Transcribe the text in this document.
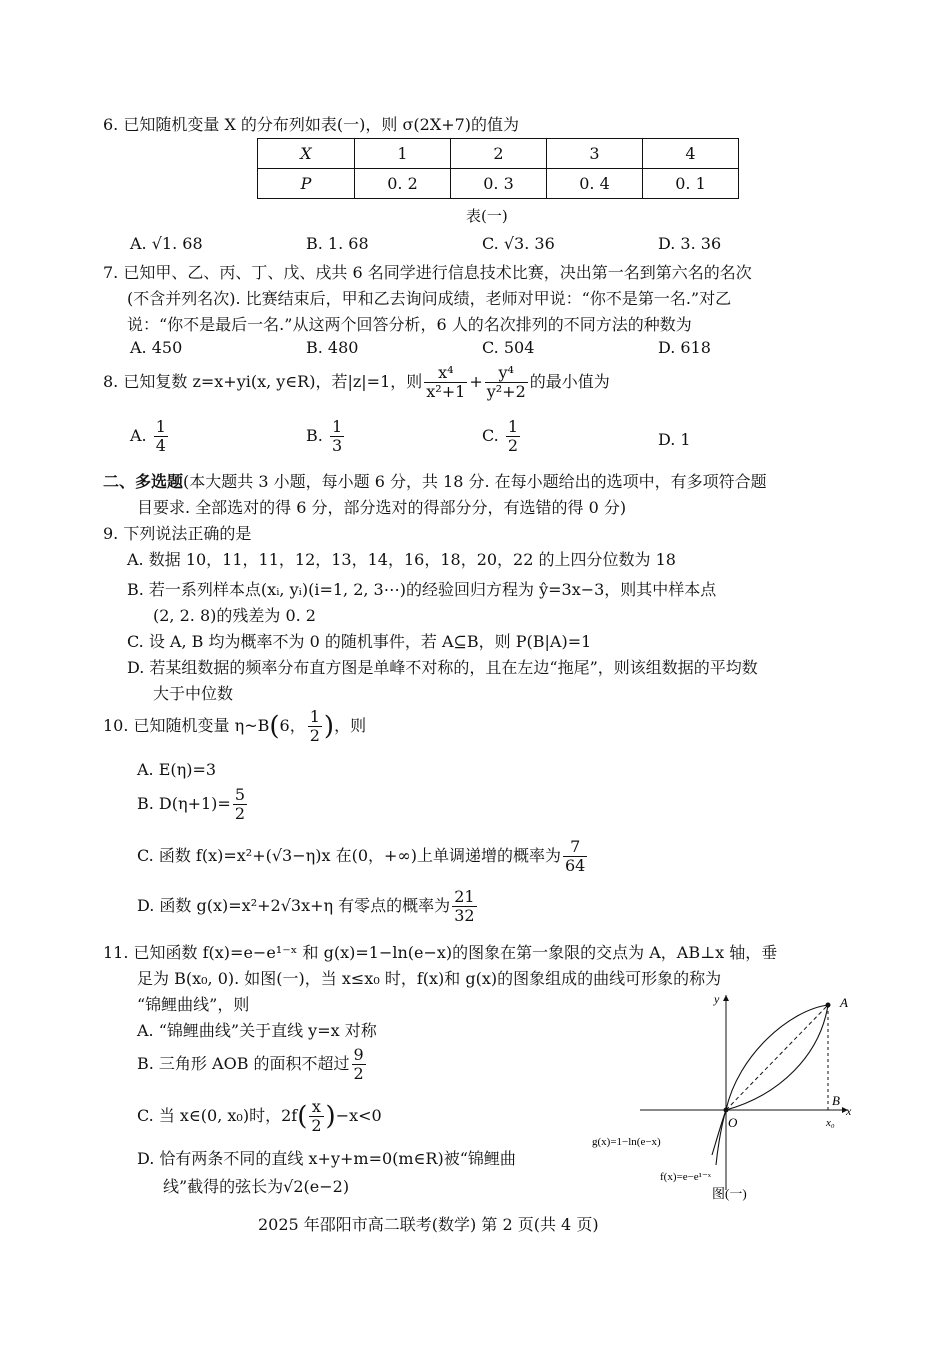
6. 已知随机变量 X 的分布列如表(一)，则 σ(2X+7)的值为
X	1	2	3	4
P	0. 2	0. 3	0. 4	0. 1
表(一)
A. √1. 68	B. 1. 68	C. √3. 36	D. 3. 36
7. 已知甲、乙、丙、丁、戊、戌共 6 名同学进行信息技术比赛，决出第一名到第六名的名次
(不含并列名次). 比赛结束后，甲和乙去询问成绩，老师对甲说：“你不是第一名.”对乙
说：“你不是最后一名.”从这两个回答分析，6 人的名次排列的不同方法的种数为
A. 450	B. 480	C. 504	D. 618
8. 已知复数 z=x+yi(x, y∈R)，若|z|=1，则 $\frac{\text{x⁴}}{\text{x²+1}} + \frac{\text{y⁴}}{\text{y²+2}}$ 的最小值为
A. $\frac{1}{4}$	B. $\frac{1}{3}$	C. $\frac{1}{2}$	D. 1
二、多选题(本大题共 3 小题，每小题 6 分，共 18 分. 在每小题给出的选项中，有多项符合题
目要求. 全部选对的得 6 分，部分选对的得部分分，有选错的得 0 分)
9. 下列说法正确的是
A. 数据 10，11，11，12，13，14，16，18，20，22 的上四分位数为 18
B. 若一系列样本点(xᵢ, yᵢ)(i=1, 2, 3⋯)的经验回归方程为 ŷ=3x−3，则其中样本点
(2, 2. 8)的残差为 0. 2
C. 设 A, B 均为概率不为 0 的随机事件，若 A⊆B，则 P(B|A)=1
D. 若某组数据的频率分布直方图是单峰不对称的，且在左边“拖尾”，则该组数据的平均数
大于中位数
10. 已知随机变量 η~B(6， $\frac{1}{2}$ )，则
A. E(η)=3
B. $D(\eta+1)= \frac{5}{2}$
C. 函数 f(x)=x²+(√3−η)x 在(0，+∞)上单调递增的概率为 $\frac{7}{64}$
D. 函数 g(x)=x²+2√3x+η 有零点的概率为 $\frac{21}{32}$
11. 已知函数 f(x)=e−e¹⁻ˣ 和 g(x)=1−ln(e−x)的图象在第一象限的交点为 A，AB⊥x 轴，垂
足为 B(x₀, 0). 如图(一)，当 x≤x₀ 时，f(x)和 g(x)的图象组成的曲线可形象的称为
“锦鲤曲线”，则
A. “锦鲤曲线”关于直线 y=x 对称
B. 三角形 AOB 的面积不超过 $\frac{9}{2}$
C. 当 x∈(0, x₀)时，$2f( \frac{x}{2} )-x<0$
D. 恰有两条不同的直线 x+y+m=0(m∈R)被“锦鲤曲
线”截得的弦长为√2(e−2)
y
x
A
B
O	x₀
g(x)=1−ln(e−x)
f(x)=e−e¹⁻ˣ
图(一)
2025 年邵阳市高二联考(数学) 第 2 页(共 4 页)
